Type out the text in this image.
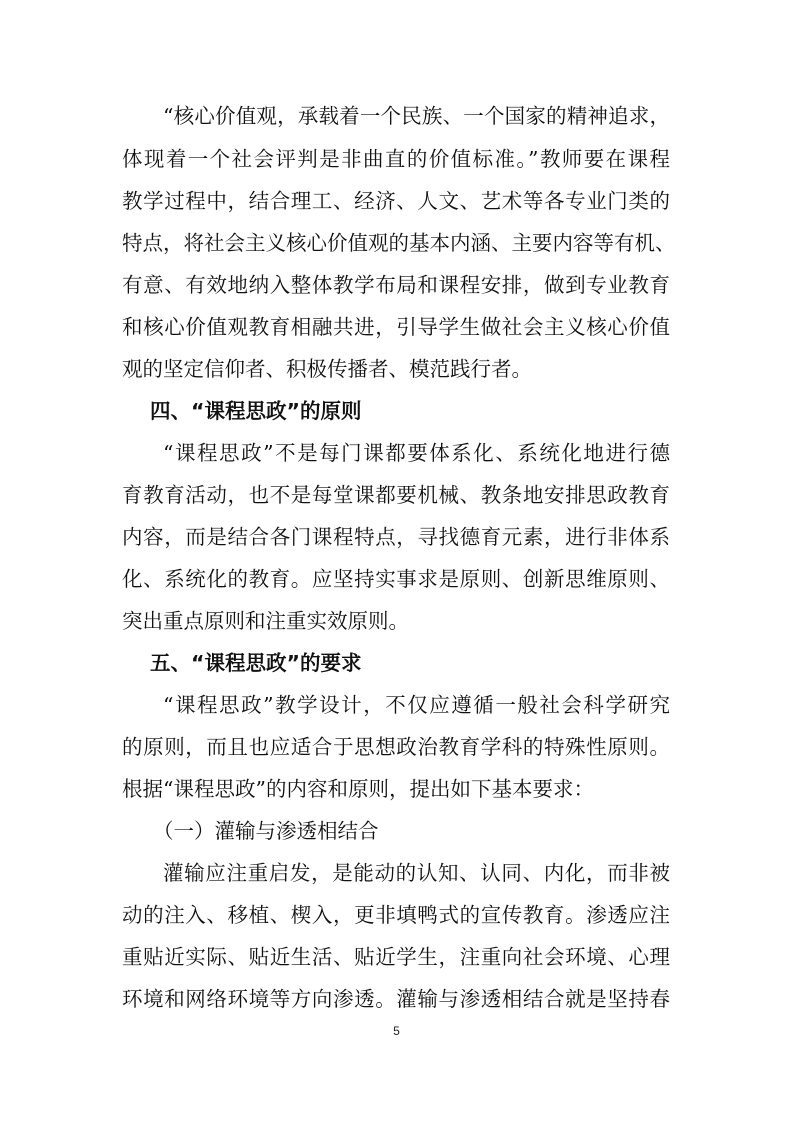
“核心价值观，承载着一个民族、一个国家的精神追求，
体现着一个社会评判是非曲直的价值标准。”教师要在课程
教学过程中，结合理工、经济、人文、艺术等各专业门类的
特点，将社会主义核心价值观的基本内涵、主要内容等有机、
有意、有效地纳入整体教学布局和课程安排，做到专业教育
和核心价值观教育相融共进，引导学生做社会主义核心价值
观的坚定信仰者、积极传播者、模范践行者。
四、“课程思政”的原则
“课程思政”不是每门课都要体系化、系统化地进行德
育教育活动，也不是每堂课都要机械、教条地安排思政教育
内容，而是结合各门课程特点，寻找德育元素，进行非体系
化、系统化的教育。应坚持实事求是原则、创新思维原则、
突出重点原则和注重实效原则。
五、“课程思政”的要求
“课程思政”教学设计，不仅应遵循一般社会科学研究
的原则，而且也应适合于思想政治教育学科的特殊性原则。
根据“课程思政”的内容和原则，提出如下基本要求：
（一）灌输与渗透相结合
灌输应注重启发，是能动的认知、认同、内化，而非被
动的注入、移植、楔入，更非填鸭式的宣传教育。渗透应注
重贴近实际、贴近生活、贴近学生，注重向社会环境、心理
环境和网络环境等方向渗透。灌输与渗透相结合就是坚持春
5
